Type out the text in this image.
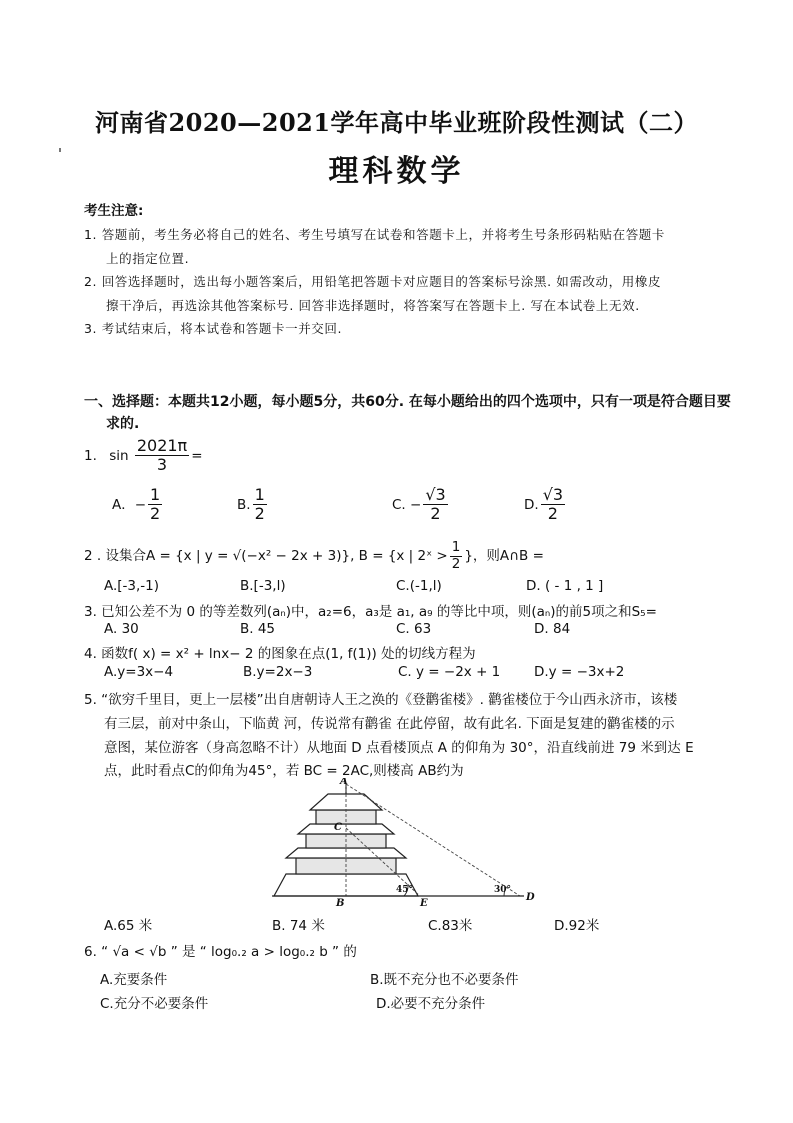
河南省2020—2021学年高中毕业班阶段性测试（二）
理科数学
考生注意:
1. 答题前，考生务必将自己的姓名、考生号填写在试卷和答题卡上，并将考生号条形码粘贴在答题卡
上的指定位置.
2. 回答选择题时，选出每小题答案后，用铅笔把答题卡对应题目的答案标号涂黑. 如需改动，用橡皮
擦干净后，再选涂其他答案标号. 回答非选择题时，将答案写在答题卡上. 写在本试卷上无效.
3. 考试结束后，将本试卷和答题卡一并交回.
一、选择题：本题共12小题，每小题5分，共60分. 在每小题给出的四个选项中，只有一项是符合题目要
求的.
1. $\sin \frac{2021\pi}{3}$ =
A．− $\frac{1}{2}$	B. $\frac{1}{2}$	C. − $\frac{√3}{2}$	D. $\frac{√3}{2}$
2 . 设集合A = {x | y = √(−x² − 2x + 3)}, B = {x | 2ˣ > $\frac{1}{2}$ }，则A∩B =
A.[-3,-1)	B.[-3,l)	C.(-1,l)	D. ( - 1 , 1 ]
3. 已知公差不为 0 的等差数列(aₙ)中，a₂=6，a₃是 a₁, a₉ 的等比中项，则(aₙ)的前5项之和S₅=
A. 30	B. 45	C. 63	D. 84
4. 函数f( x) = x² + lnx− 2 的图象在点(1, f(1)) 处的切线方程为
A.y=3x−4	B.y=2x−3	C. y = −2x + 1 D.y = −3x+2
5. “欲穷千里目，更上一层楼”出自唐朝诗人王之涣的《登鹳雀楼》. 鹳雀楼位于今山西永济市，该楼
有三层，前对中条山，下临黄 河，传说常有鹳雀 在此停留，故有此名. 下面是复建的鹳雀楼的示
意图，某位游客（身高忽略不计）从地面 D 点看楼顶点 A 的仰角为 30°，沿直线前进 79 米到达 E
点，此时看点C的仰角为45°，若 BC = 2AC,则楼高 AB约为
A
B
C
E
D
45°	30°
A.65 米	B. 74 米	C.83米	D.92米
6. “ √a < √b ” 是 “ log₀.₂ a > log₀.₂ b ” 的
A.充要条件	B.既不充分也不必要条件
C.充分不必要条件	D.必要不充分条件
